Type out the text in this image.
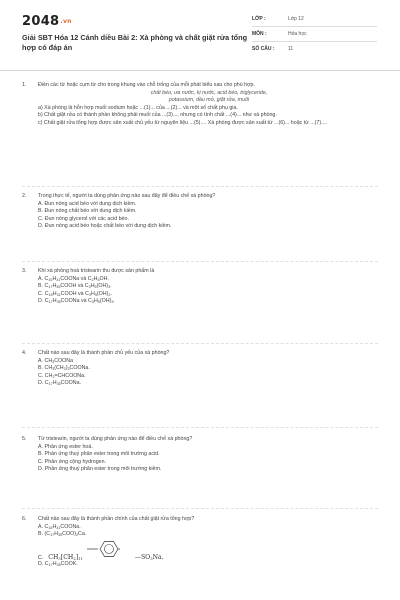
2048.vn
Giải SBT Hóa 12 Cánh diều Bài 2: Xà phòng và chất giặt rửa tổng hợp có đáp án
LỚP :	Lớp 12
MÔN :	Hóa học
SỐ CÂU :	11
1. Điền các từ hoặc cụm từ cho trong khung vào chỗ trống của mỗi phát biểu sau cho phù hợp.
chất béo, ưa nước, kị nước, acid béo, triglyceride,
potassium, dầu mỏ, giặt rửa, muối
a) Xà phòng là hỗn hợp muối sodium hoặc ...(1)... của ...(2)... và một số chất phụ gia.
b) Chất giặt rửa có thành phần không phải muối của ...(3)..., nhưng có tính chất ...(4)... như xà phòng.
c) Chất giặt rửa tổng hợp được sản xuất chủ yếu từ nguyên liệu ...(5).... Xà phòng được sản xuất từ ...(6)... hoặc từ ...(7)....
2. Trong thực tế, người ta dùng phản ứng nào sau đây để điều chế xà phòng?
A. Đun nóng acid béo với dung dịch kiềm.
B. Đun nóng chất béo với dung dịch kiềm.
C. Đun nóng glycerol với các acid béo.
D. Đun nóng acid béo hoặc chất béo với dung dịch kiềm.
3. Khi xà phòng hoá tristearin thu được sản phẩm là
A. $C_{15}H_{31}COONa$ và $C_2H_5OH$.
B. $C_{17}H_{35}COOH$ và $C_3H_5(OH)_3$.
C. $C_{15}H_{31}COOH$ và $C_3H_5(OH)_3$.
D. $C_{17}H_{35}COONa$ và $C_3H_5(OH)_3$.
4. Chất nào sau đây là thành phần chủ yếu của xà phòng?
A. $CH_3COONa$
B. $CH_3(CH_2)_3COONa$.
C. $CH_2=CHCOONa$.
D. $C_{17}H_{35}COONa$.
5. Từ tristearin, người ta dùng phản ứng nào để điều chế xà phòng?
A. Phản ứng ester hoá.
B. Phản ứng thuỷ phân ester trong môi trường acid.
C. Phản ứng cộng hydrogen.
D. Phản ứng thuỷ phân ester trong môi trường kiềm.
6. Chất nào sau đây là thành phần chính của chất giặt rửa tổng hợp?
A. $C_{15}H_{31}COONa$.
B. $(C_{17}H_{35}COO)_2Ca$.
C. $CH_3[CH_2]_{11}$	$—SO_3Na$.
D. $C_{17}H_{35}COOK$.
